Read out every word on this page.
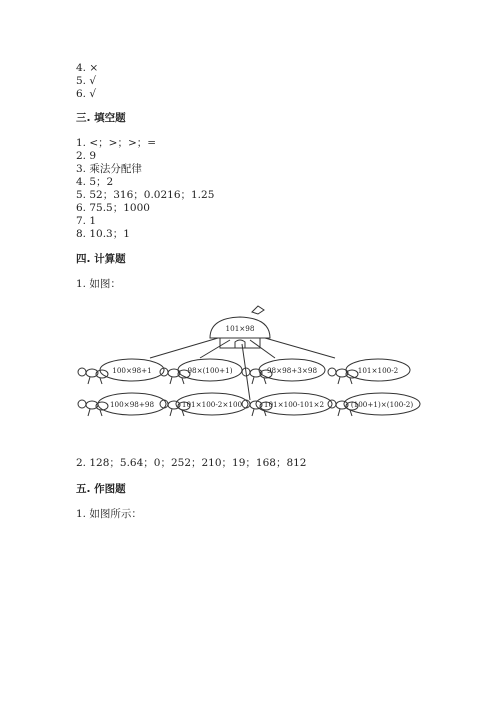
4. ×
5. √
6. √
三. 填空题
1. <；>；>；=
2. 9
3. 乘法分配律
4. 5；2
5. 52；316；0.0216；1.25
6. 75.5；1000
7. 1
8. 10.3；1
四. 计算题
1. 如图：
101×98
100×98+1	98×(100+1)	98×98+3×98	101×100-2
100×98+98	101×100-2×100	101×100-101×2	(100+1)×(100-2)
2. 128；5.64；0；252；210；19；168；812
五. 作图题
1. 如图所示：
